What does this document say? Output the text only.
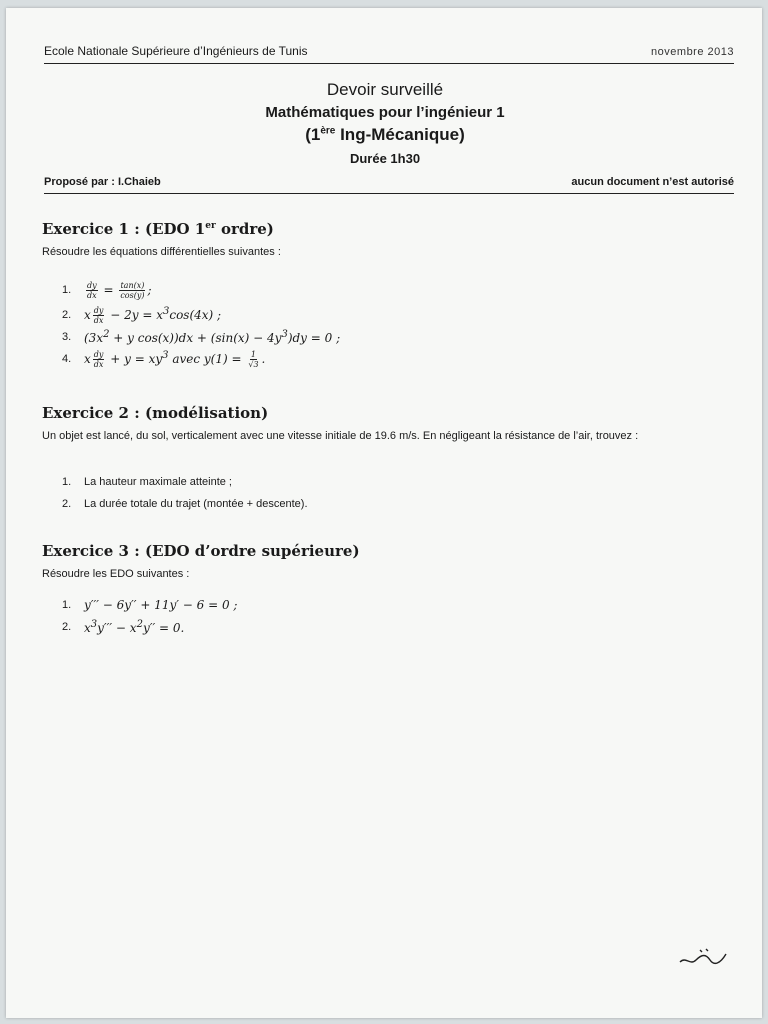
Ecole Nationale Supérieure d’Ingénieurs de Tunis	novembre 2013
Devoir surveillé
Mathématiques pour l’ingénieur 1
(1ère Ing-Mécanique)
Durée 1h30
Proposé par : I.Chaieb	aucun document n’est autorisé
Exercice 1 : (EDO 1er ordre)
Résoudre les équations différentielles suivantes :
1.	$\frac{dy}{dx} = \frac{\tan(x)}{\cos(y)}$ ;
2.	x $\frac{dy}{dx} - 2y = x^3\cos(4x)$ ;
3.	($3x^2 + y$ $\cos(x))dx + (\sin(x) - 4y^3)dy = 0$ ;
4.	x $\frac{dy}{dx} + y = xy^3$ avec $y(1) = \frac{1}{√3}$ .
Exercice 2 : (modélisation)
Un objet est lancé, du sol, verticalement avec une vitesse initiale de 19.6 m/s. En négligeant la résistance de l’air, trouvez :
1.	La hauteur maximale atteinte ;
2.	La durée totale du trajet (montée + descente).
Exercice 3 : (EDO d’ordre supérieure)
Résoudre les EDO suivantes :
1.	y′′′ − 6y′′ + 11y′ − 6 = 0 ;
2.	$x^3y''' - x^2y'' = 0$.
